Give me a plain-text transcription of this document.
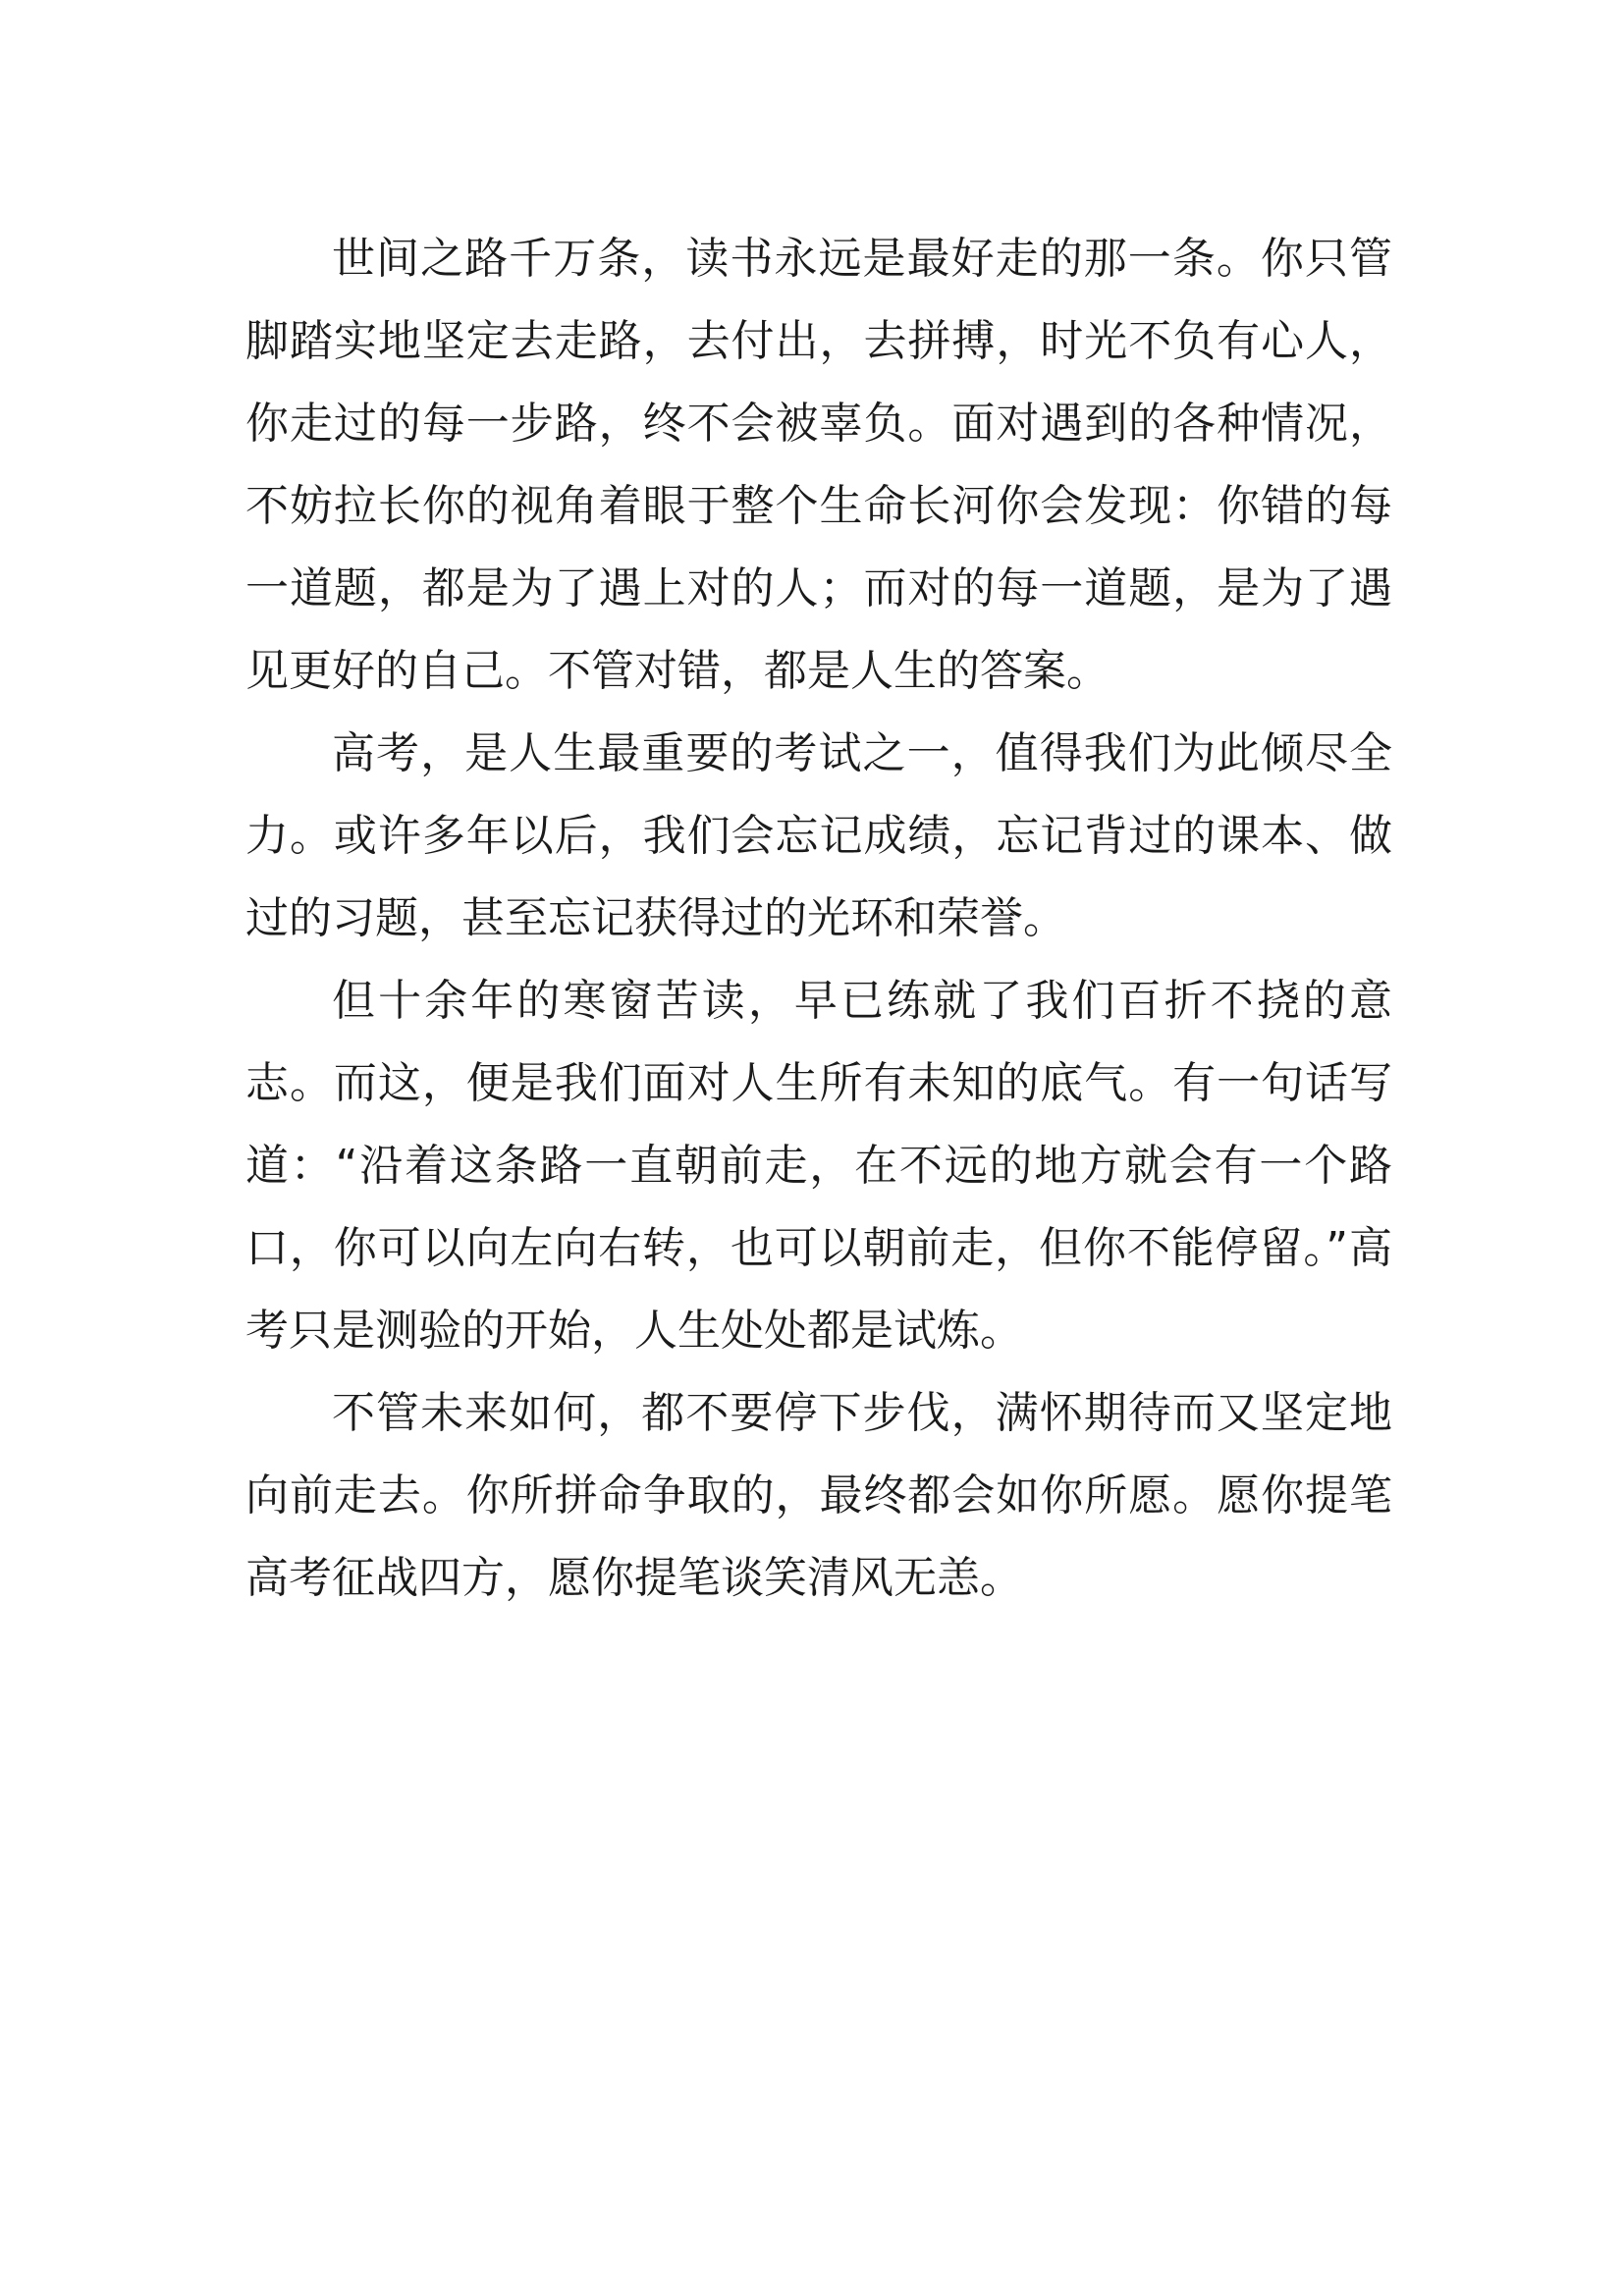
世间之路千万条，读书永远是最好走的那一条。你只管脚踏实地坚定去走路，去付出，去拼搏，时光不负有心人，你走过的每一步路，终不会被辜负。面对遇到的各种情况，不妨拉长你的视角着眼于整个生命长河你会发现：你错的每一道题，都是为了遇上对的人；而对的每一道题，是为了遇见更好的自己。不管对错，都是人生的答案。

高考，是人生最重要的考试之一，值得我们为此倾尽全力。或许多年以后，我们会忘记成绩，忘记背过的课本、做过的习题，甚至忘记获得过的光环和荣誉。

但十余年的寒窗苦读，早已练就了我们百折不挠的意志。而这，便是我们面对人生所有未知的底气。有一句话写道：“沿着这条路一直朝前走，在不远的地方就会有一个路口，你可以向左向右转，也可以朝前走，但你不能停留。”高考只是测验的开始，人生处处都是试炼。

不管未来如何，都不要停下步伐，满怀期待而又坚定地向前走去。你所拼命争取的，最终都会如你所愿。愿你提笔高考征战四方，愿你提笔谈笑清风无恙。
